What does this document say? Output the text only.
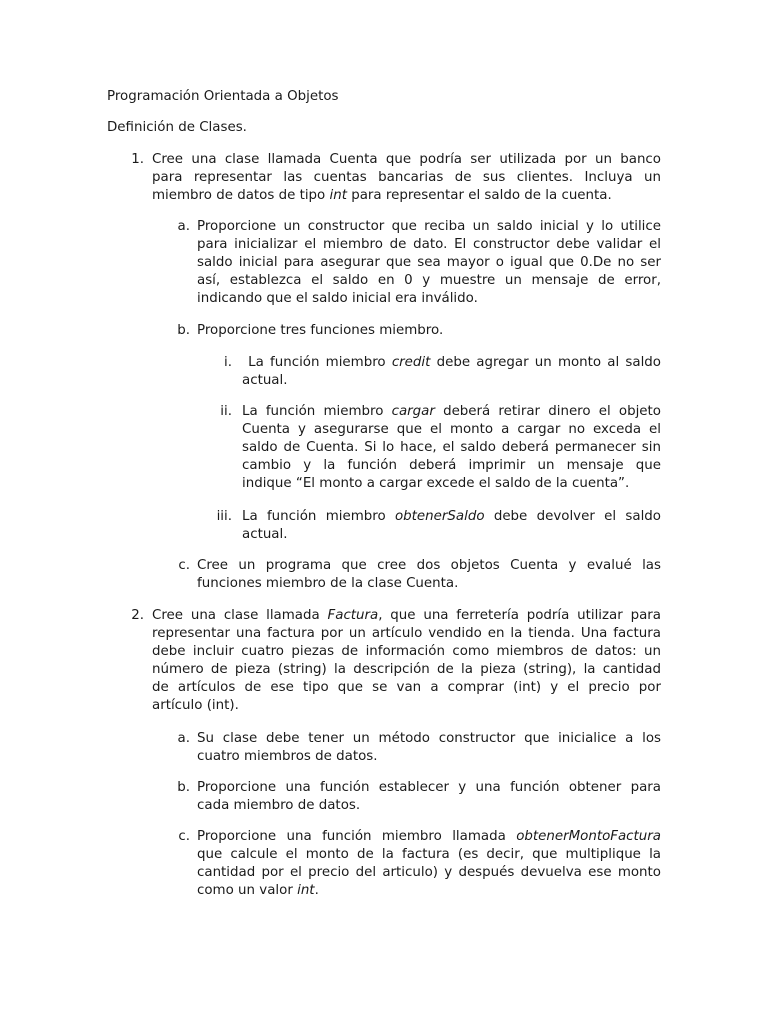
Programación Orientada a Objetos
Definición de Clases.
1. Cree una clase llamada Cuenta que podría ser utilizada por un banco
para representar las cuentas bancarias de sus clientes. Incluya un
miembro de datos de tipo int para representar el saldo de la cuenta.
a. Proporcione un constructor que reciba un saldo inicial y lo utilice
para inicializar el miembro de dato. El constructor debe validar el
saldo inicial para asegurar que sea mayor o igual que 0.De no ser
así, establezca el saldo en 0 y muestre un mensaje de error,
indicando que el saldo inicial era inválido.
b. Proporcione tres funciones miembro.
i. La función miembro credit debe agregar un monto al saldo
actual.
ii. La función miembro cargar deberá retirar dinero el objeto
Cuenta y asegurarse que el monto a cargar no exceda el
saldo de Cuenta. Si lo hace, el saldo deberá permanecer sin
cambio y la función deberá imprimir un mensaje que
indique “El monto a cargar excede el saldo de la cuenta”.
iii. La función miembro obtenerSaldo debe devolver el saldo
actual.
c. Cree un programa que cree dos objetos Cuenta y evalué las
funciones miembro de la clase Cuenta.
2. Cree una clase llamada Factura, que una ferretería podría utilizar para
representar una factura por un artículo vendido en la tienda. Una factura
debe incluir cuatro piezas de información como miembros de datos: un
número de pieza (string) la descripción de la pieza (string), la cantidad
de artículos de ese tipo que se van a comprar (int) y el precio por
artículo (int).
a. Su clase debe tener un método constructor que inicialice a los
cuatro miembros de datos.
b. Proporcione una función establecer y una función obtener para
cada miembro de datos.
c. Proporcione una función miembro llamada obtenerMontoFactura
que calcule el monto de la factura (es decir, que multiplique la
cantidad por el precio del articulo) y después devuelva ese monto
como un valor int.
